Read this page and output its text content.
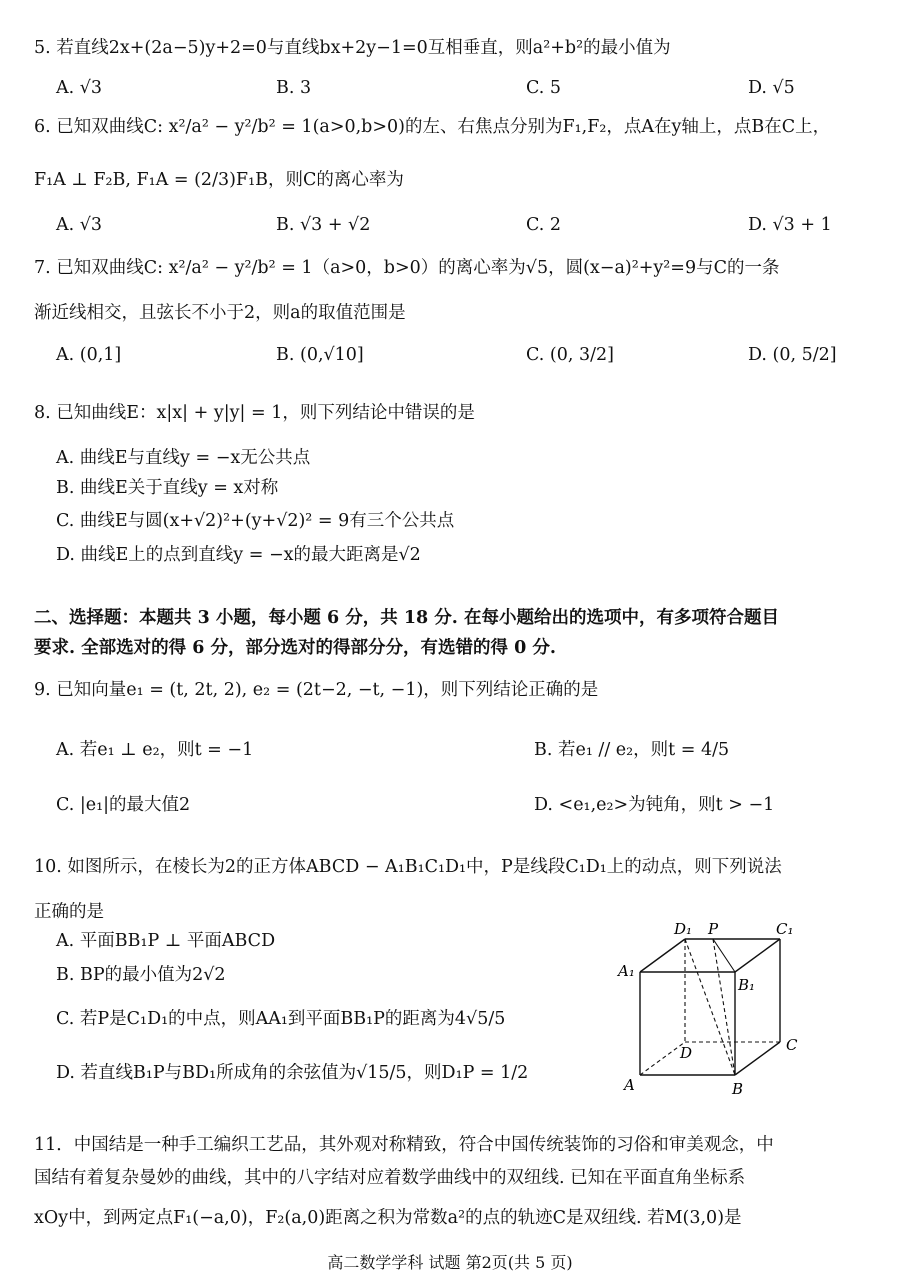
5. 若直线2x+(2a−5)y+2=0与直线bx+2y−1=0互相垂直，则a²+b²的最小值为
A. √3	B. 3	C. 5	D. √5
6. 已知双曲线C: x²/a² − y²/b² = 1(a>0,b>0)的左、右焦点分别为F₁,F₂，点A在y轴上，点B在C上，
F₁A ⊥ F₂B, F₁A = (2/3)F₁B，则C的离心率为
A. √3	B. √3 + √2	C. 2	D. √3 + 1
7. 已知双曲线C: x²/a² − y²/b² = 1（a>0，b>0）的离心率为√5，圆(x−a)²+y²=9与C的一条
渐近线相交，且弦长不小于2，则a的取值范围是
A. (0,1]	B. (0,√10]	C. (0, 3/2]	D. (0, 5/2]
8. 已知曲线E：x|x| + y|y| = 1，则下列结论中错误的是
A. 曲线E与直线y = −x无公共点
B. 曲线E关于直线y = x对称
C. 曲线E与圆(x+√2)²+(y+√2)² = 9有三个公共点
D. 曲线E上的点到直线y = −x的最大距离是√2
二、选择题：本题共 3 小题，每小题 6 分，共 18 分. 在每小题给出的选项中，有多项符合题目
要求. 全部选对的得 6 分，部分选对的得部分分，有选错的得 0 分.
9. 已知向量e₁ = (t, 2t, 2), e₂ = (2t−2, −t, −1)，则下列结论正确的是
A. 若e₁ ⊥ e₂，则t = −1	B. 若e₁ // e₂，则t = 4/5
C. |e₁|的最大值2	D. <e₁,e₂>为钝角，则t > −1
10. 如图所示，在棱长为2的正方体ABCD − A₁B₁C₁D₁中，P是线段C₁D₁上的动点，则下列说法
正确的是
A. 平面BB₁P ⊥ 平面ABCD
B. BP的最小值为2√2
C. 若P是C₁D₁的中点，则AA₁到平面BB₁P的距离为4√5/5
D. 若直线B₁P与BD₁所成角的余弦值为√15/5，则D₁P = 1/2
D₁ P	C₁
A₁
B₁
D	C
A	B
11．中国结是一种手工编织工艺品，其外观对称精致，符合中国传统装饰的习俗和审美观念，中
国结有着复杂曼妙的曲线，其中的八字结对应着数学曲线中的双纽线. 已知在平面直角坐标系
xOy中，到两定点F₁(−a,0)，F₂(a,0)距离之积为常数a²的点的轨迹C是双纽线. 若M(3,0)是
高二数学学科 试题 第2页(共 5 页)
